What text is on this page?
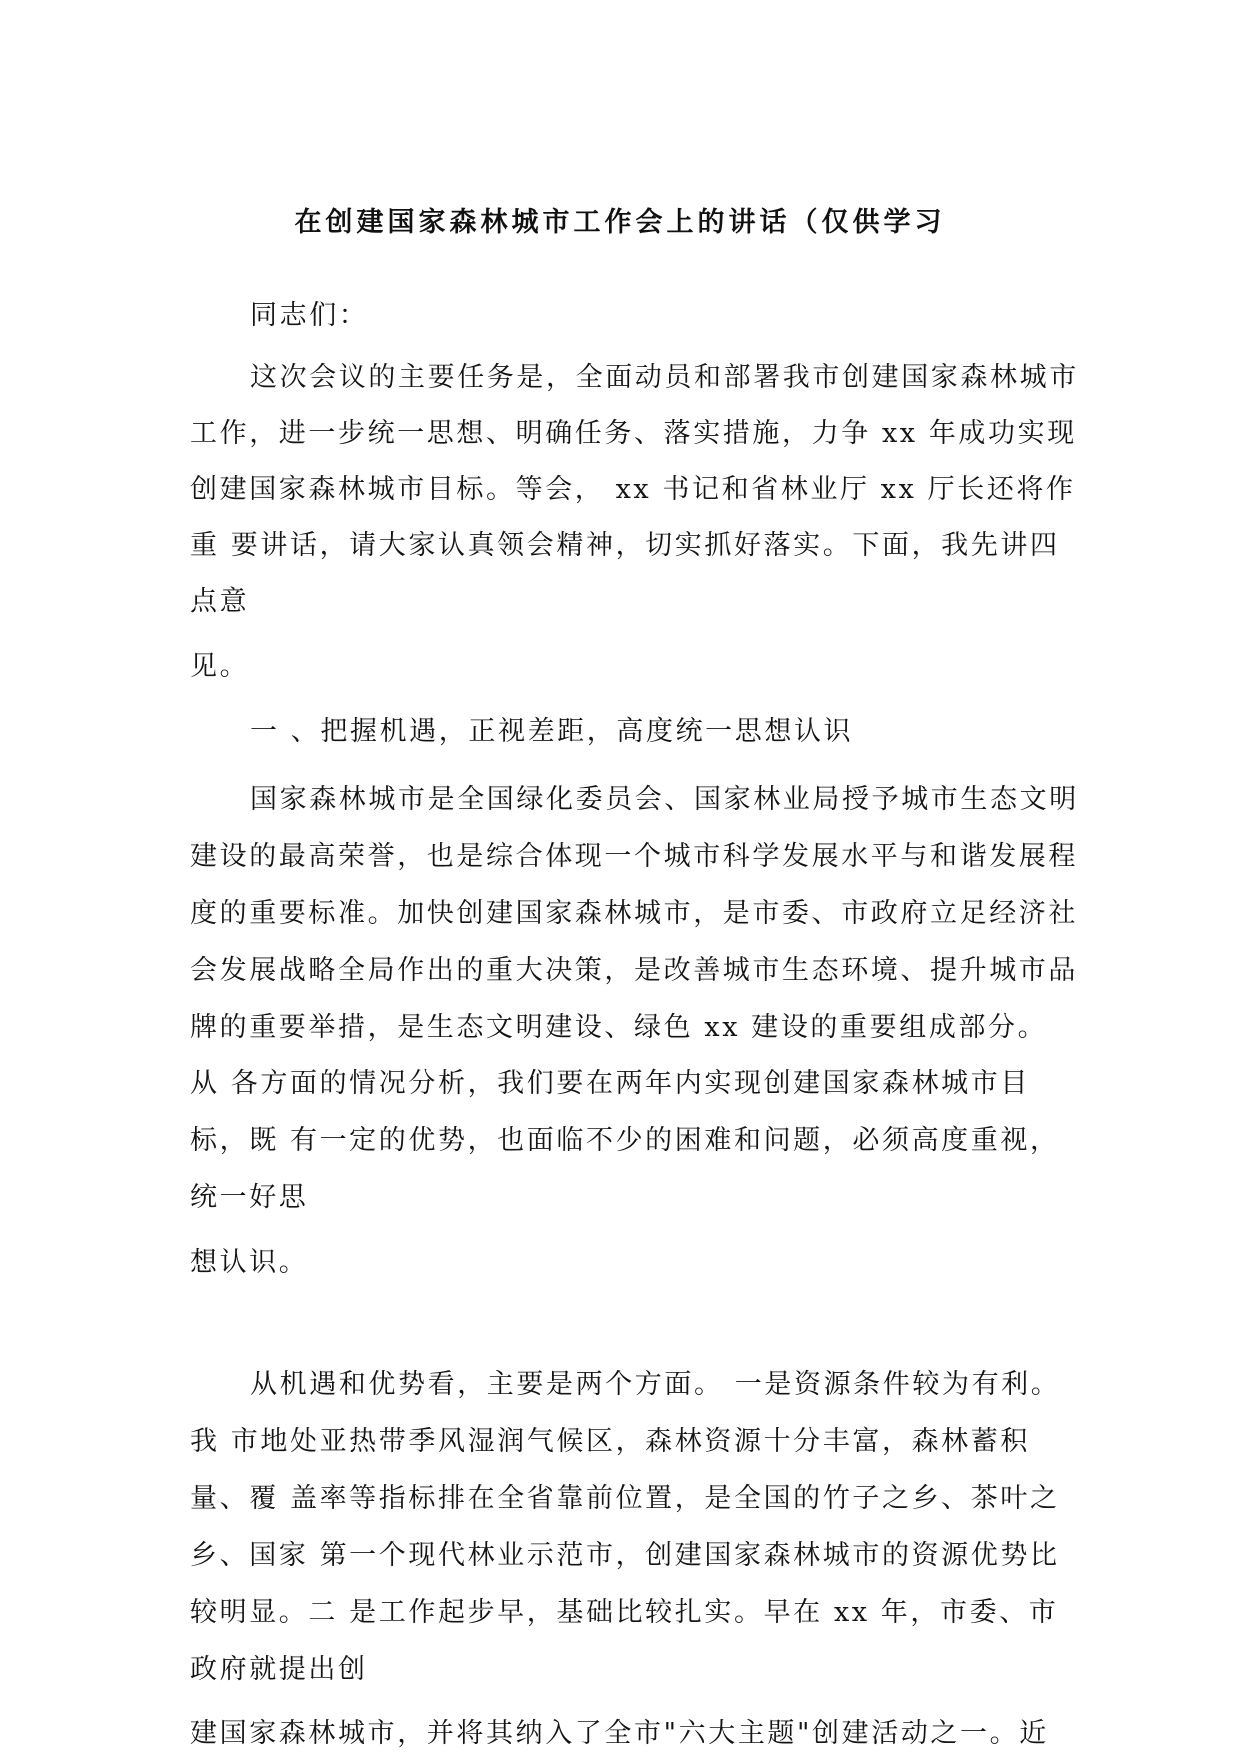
在创建国家森林城市工作会上的讲话（仅供学习
同志们：
这次会议的主要任务是，全面动员和部署我市创建国家森林城市
工作，进一步统一思想、明确任务、落实措施，力争 xx 年成功实现
创建国家森林城市目标。等会， xx 书记和省林业厅 xx 厅长还将作
重 要讲话，请大家认真领会精神，切实抓好落实。下面，我先讲四
点意
见。
一 、把握机遇，正视差距，高度统一思想认识
国家森林城市是全国绿化委员会、国家林业局授予城市生态文明
建设的最高荣誉，也是综合体现一个城市科学发展水平与和谐发展程
度的重要标准。加快创建国家森林城市，是市委、市政府立足经济社
会发展战略全局作出的重大决策，是改善城市生态环境、提升城市品
牌的重要举措，是生态文明建设、绿色 xx 建设的重要组成部分。
从 各方面的情况分析，我们要在两年内实现创建国家森林城市目
标，既 有一定的优势，也面临不少的困难和问题，必须高度重视，
统一好思
想认识。
从机遇和优势看，主要是两个方面。 一是资源条件较为有利。
我 市地处亚热带季风湿润气候区，森林资源十分丰富，森林蓄积
量、覆 盖率等指标排在全省靠前位置，是全国的竹子之乡、茶叶之
乡、国家 第一个现代林业示范市，创建国家森林城市的资源优势比
较明显。二 是工作起步早，基础比较扎实。早在 xx 年，市委、市
政府就提出创
建国家森林城市，并将其纳入了全市"六大主题"创建活动之一。近
